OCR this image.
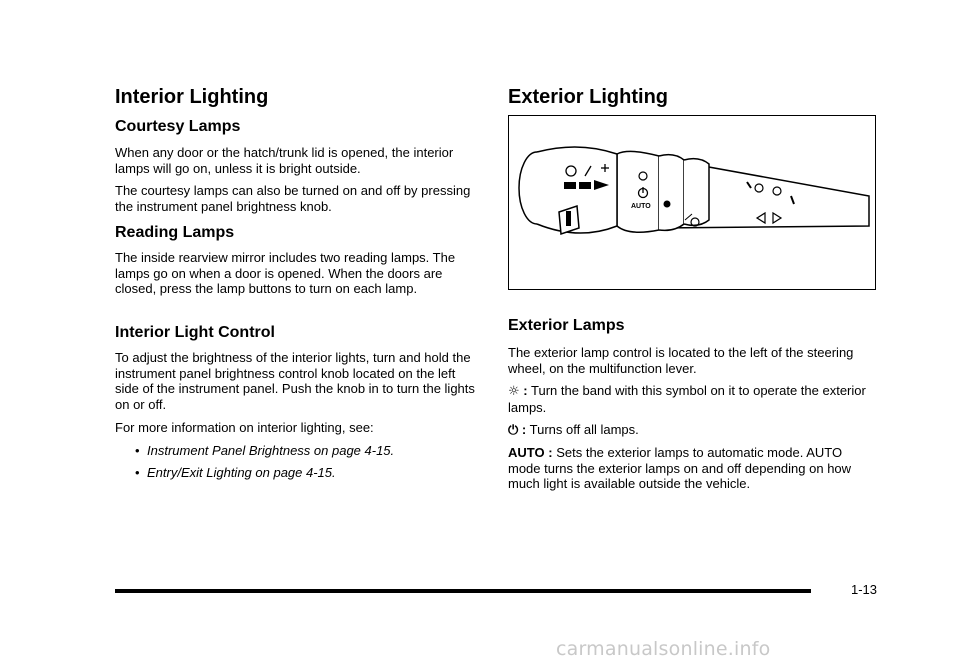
Interior Lighting
Courtesy Lamps

When any door or the hatch/trunk lid is opened, the interior lamps will go on, unless it is bright outside.

The courtesy lamps can also be turned on and off by pressing the instrument panel brightness knob.

Reading Lamps

The inside rearview mirror includes two reading lamps. The lamps go on when a door is opened. When the doors are closed, press the lamp buttons to turn on each lamp.

Interior Light Control

To adjust the brightness of the interior lights, turn and hold the instrument panel brightness control knob located on the left side of the instrument panel. Push the knob in to turn the lights on or off.

For more information on interior lighting, see:

• Instrument Panel Brightness on page 4-15.
• Entry/Exit Lighting on page 4-15.
Exterior Lighting
AUTO
Exterior Lamps

The exterior lamp control is located to the left of the steering wheel, on the multifunction lever.

☼ : Turn the band with this symbol on it to operate the exterior lamps.

⏻ : Turns off all lamps.

AUTO : Sets the exterior lamps to automatic mode. AUTO mode turns the exterior lamps on and off depending on how much light is available outside the vehicle.

1-13
carmanualsonline.info
